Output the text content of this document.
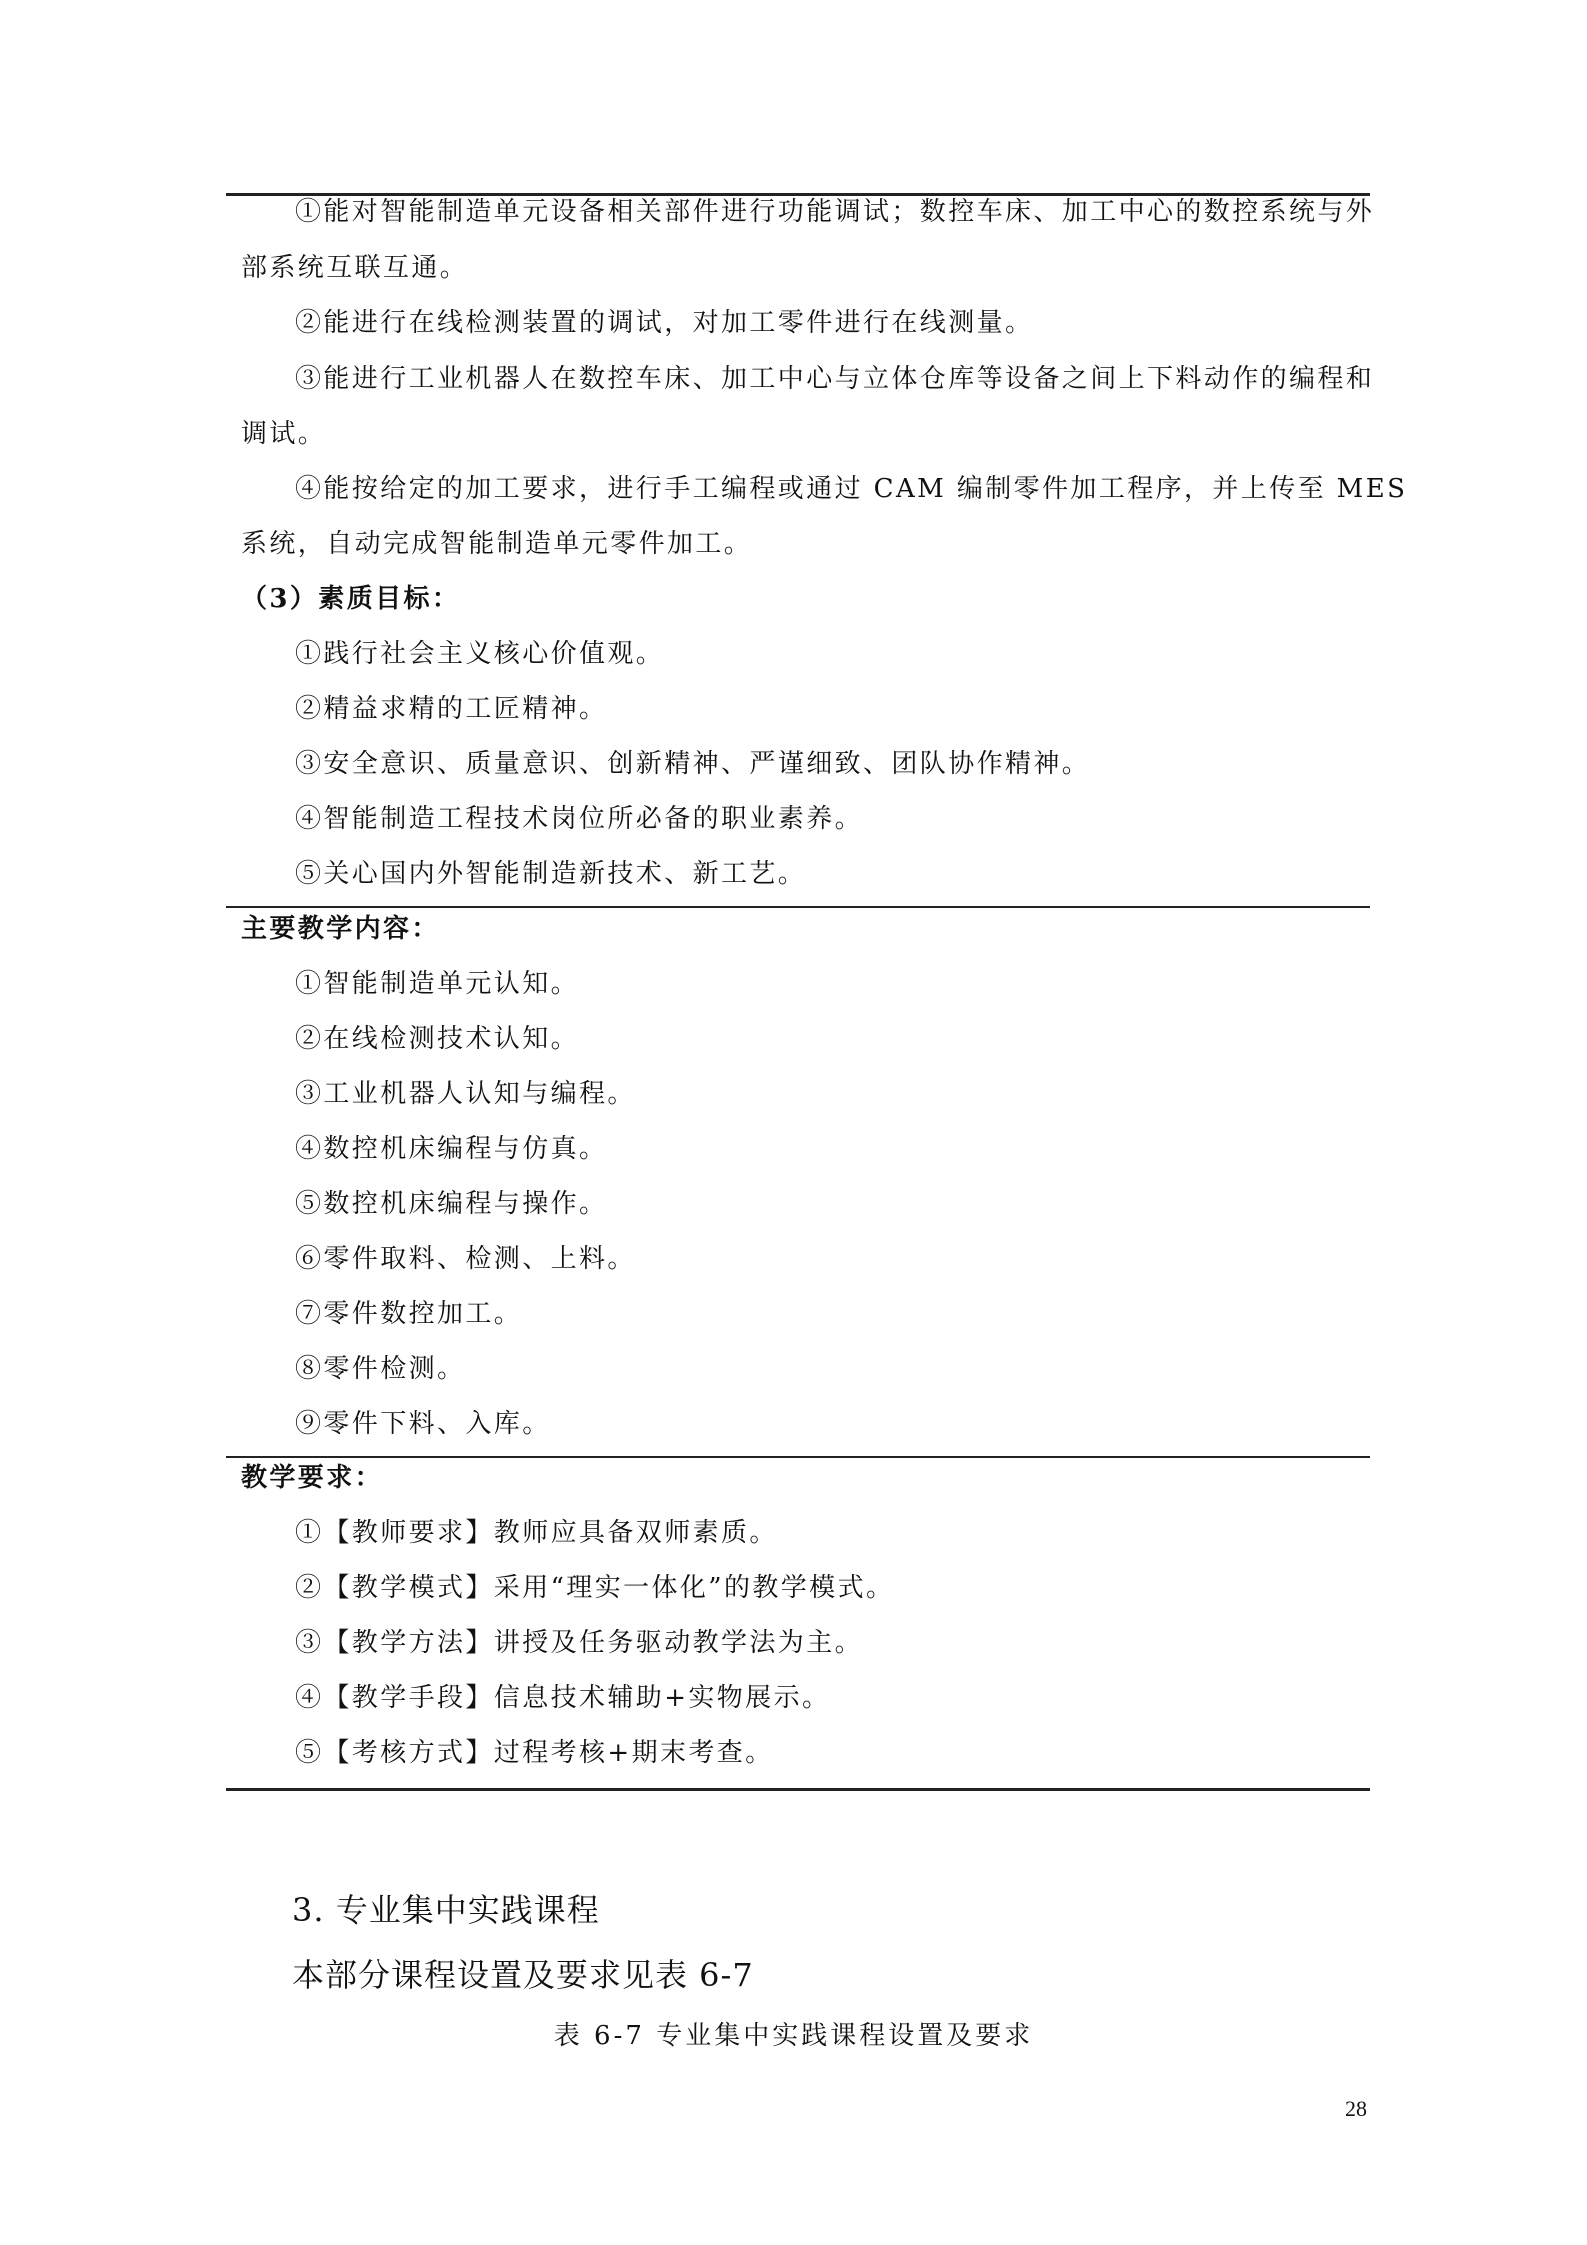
①能对智能制造单元设备相关部件进行功能调试；数控车床、加工中心的数控系统与外
部系统互联互通。
②能进行在线检测装置的调试，对加工零件进行在线测量。
③能进行工业机器人在数控车床、加工中心与立体仓库等设备之间上下料动作的编程和
调试。
④能按给定的加工要求，进行手工编程或通过 CAM 编制零件加工程序，并上传至 MES
系统，自动完成智能制造单元零件加工。
（3）素质目标：
①践行社会主义核心价值观。
②精益求精的工匠精神。
③安全意识、质量意识、创新精神、严谨细致、团队协作精神。
④智能制造工程技术岗位所必备的职业素养。
⑤关心国内外智能制造新技术、新工艺。
主要教学内容：
①智能制造单元认知。
②在线检测技术认知。
③工业机器人认知与编程。
④数控机床编程与仿真。
⑤数控机床编程与操作。
⑥零件取料、检测、上料。
⑦零件数控加工。
⑧零件检测。
⑨零件下料、入库。
教学要求：
①【教师要求】教师应具备双师素质。
②【教学模式】采用“理实一体化”的教学模式。
③【教学方法】讲授及任务驱动教学法为主。
④【教学手段】信息技术辅助+实物展示。
⑤【考核方式】过程考核+期末考查。
3. 专业集中实践课程
本部分课程设置及要求见表 6-7
表 6-7 专业集中实践课程设置及要求
28
